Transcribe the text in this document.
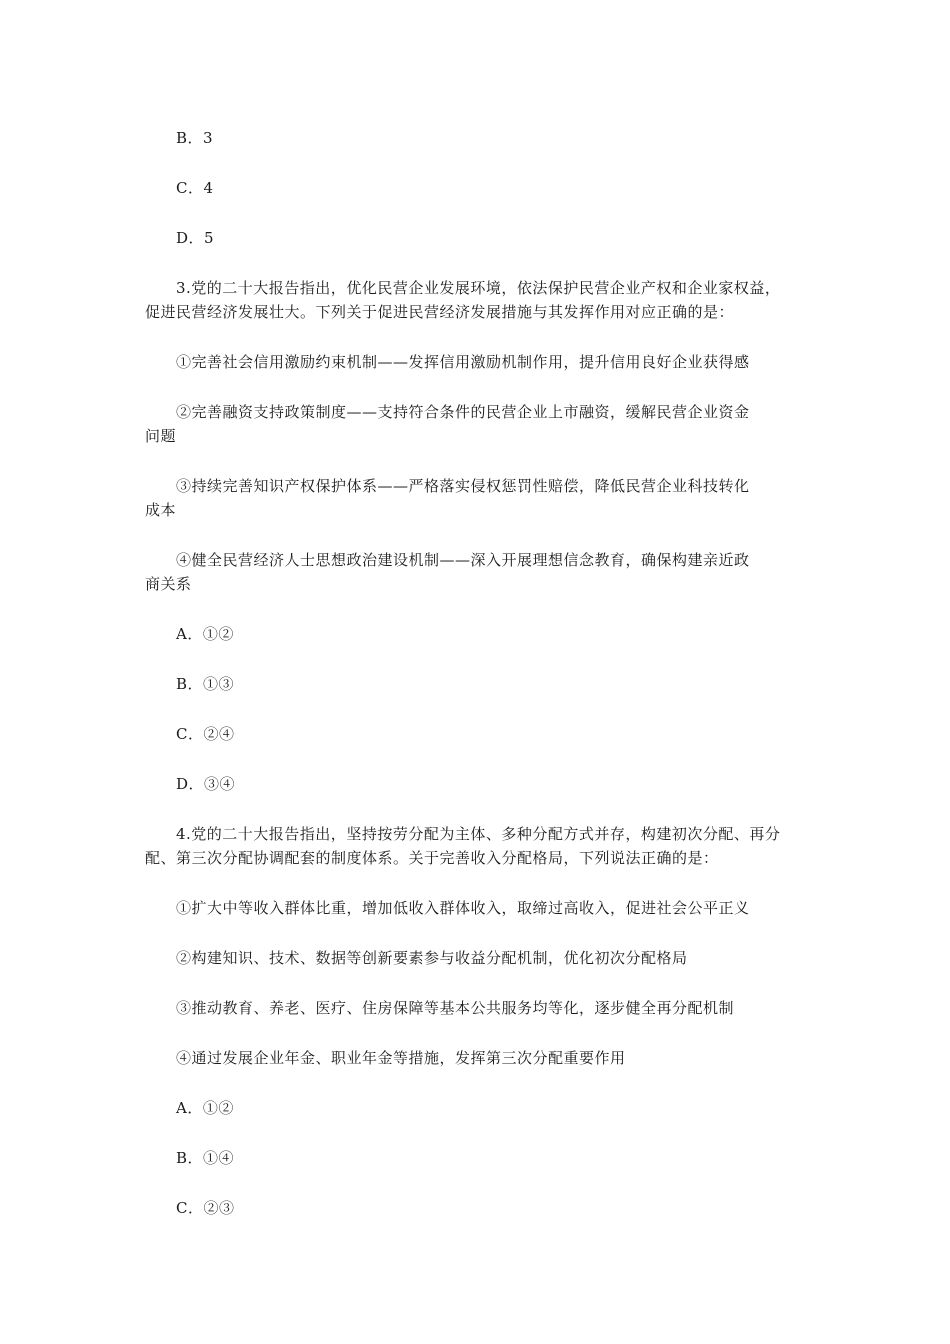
B．3
C．4
D．5
3.党的二十大报告指出，优化民营企业发展环境，依法保护民营企业产权和企业家权益，
促进民营经济发展壮大。下列关于促进民营经济发展措施与其发挥作用对应正确的是：
①完善社会信用激励约束机制——发挥信用激励机制作用，提升信用良好企业获得感
②完善融资支持政策制度——支持符合条件的民营企业上市融资，缓解民营企业资金
问题
③持续完善知识产权保护体系——严格落实侵权惩罚性赔偿，降低民营企业科技转化
成本
④健全民营经济人士思想政治建设机制——深入开展理想信念教育，确保构建亲近政
商关系
A．①②
B．①③
C．②④
D．③④
4.党的二十大报告指出，坚持按劳分配为主体、多种分配方式并存，构建初次分配、再分
配、第三次分配协调配套的制度体系。关于完善收入分配格局，下列说法正确的是：
①扩大中等收入群体比重，增加低收入群体收入，取缔过高收入，促进社会公平正义
②构建知识、技术、数据等创新要素参与收益分配机制，优化初次分配格局
③推动教育、养老、医疗、住房保障等基本公共服务均等化，逐步健全再分配机制
④通过发展企业年金、职业年金等措施，发挥第三次分配重要作用
A．①②
B．①④
C．②③
